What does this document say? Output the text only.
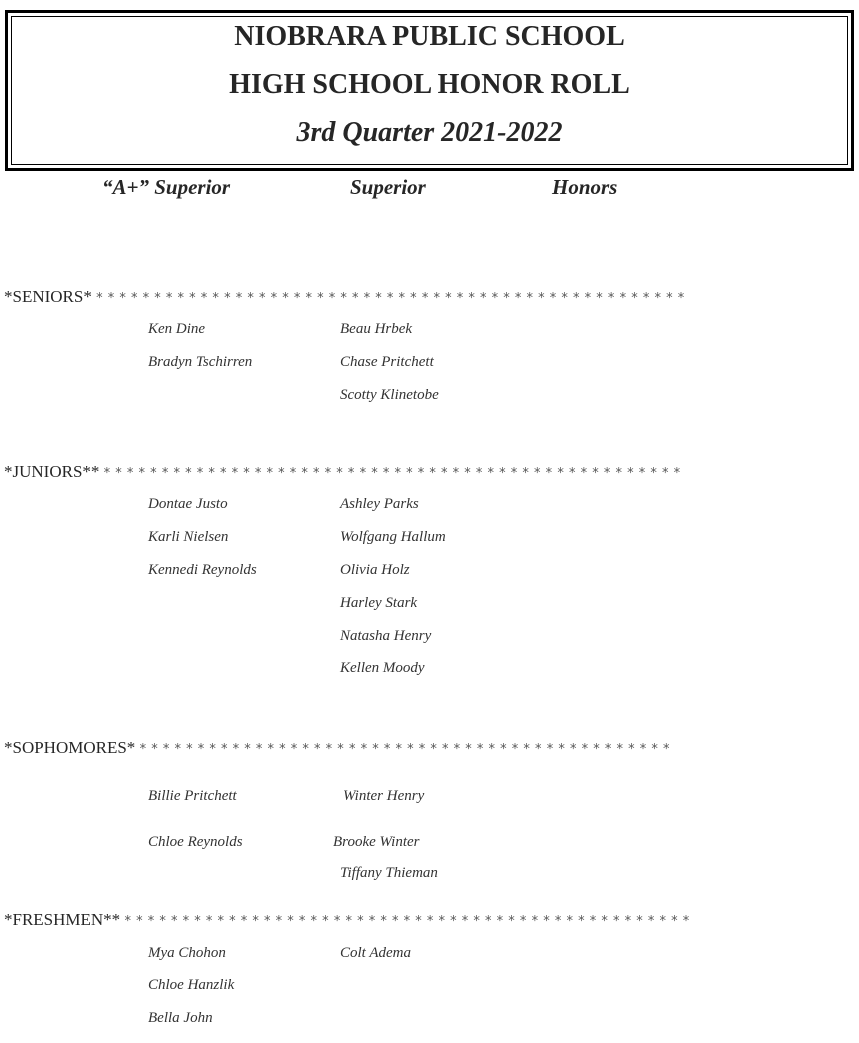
NIOBRARA PUBLIC SCHOOL
HIGH SCHOOL HONOR ROLL
3rd Quarter 2021-2022
“A+” Superior	Superior	Honors
*SENIORS* * * * * * * * * * * * * * * * * * * * * * * * * * * * * * * * * * * * * * * * * * * * * * * * * * * *
Ken Dine
Bradyn Tschirren
Beau Hrbek
Chase Pritchett
Scotty Klinetobe
*JUNIORS** * * * * * * * * * * * * * * * * * * * * * * * * * * * * * * * * * * * * * * * * * * * * * * * * * *
Dontae Justo
Karli Nielsen
Kennedi Reynolds
Ashley Parks
Wolfgang Hallum
Olivia Holz
Harley Stark
Natasha Henry
Kellen Moody
*SOPHOMORES* * * * * * * * * * * * * * * * * * * * * * * * * * * * * * * * * * * * * * * * * * * * * * *
Billie Pritchett
Chloe Reynolds
Winter Henry
Brooke Winter
Tiffany Thieman
*FRESHMEN** * * * * * * * * * * * * * * * * * * * * * * * * * * * * * * * * * * * * * * * * * * * * * * * * *
Mya Chohon
Chloe Hanzlik
Bella John
Colt Adema
